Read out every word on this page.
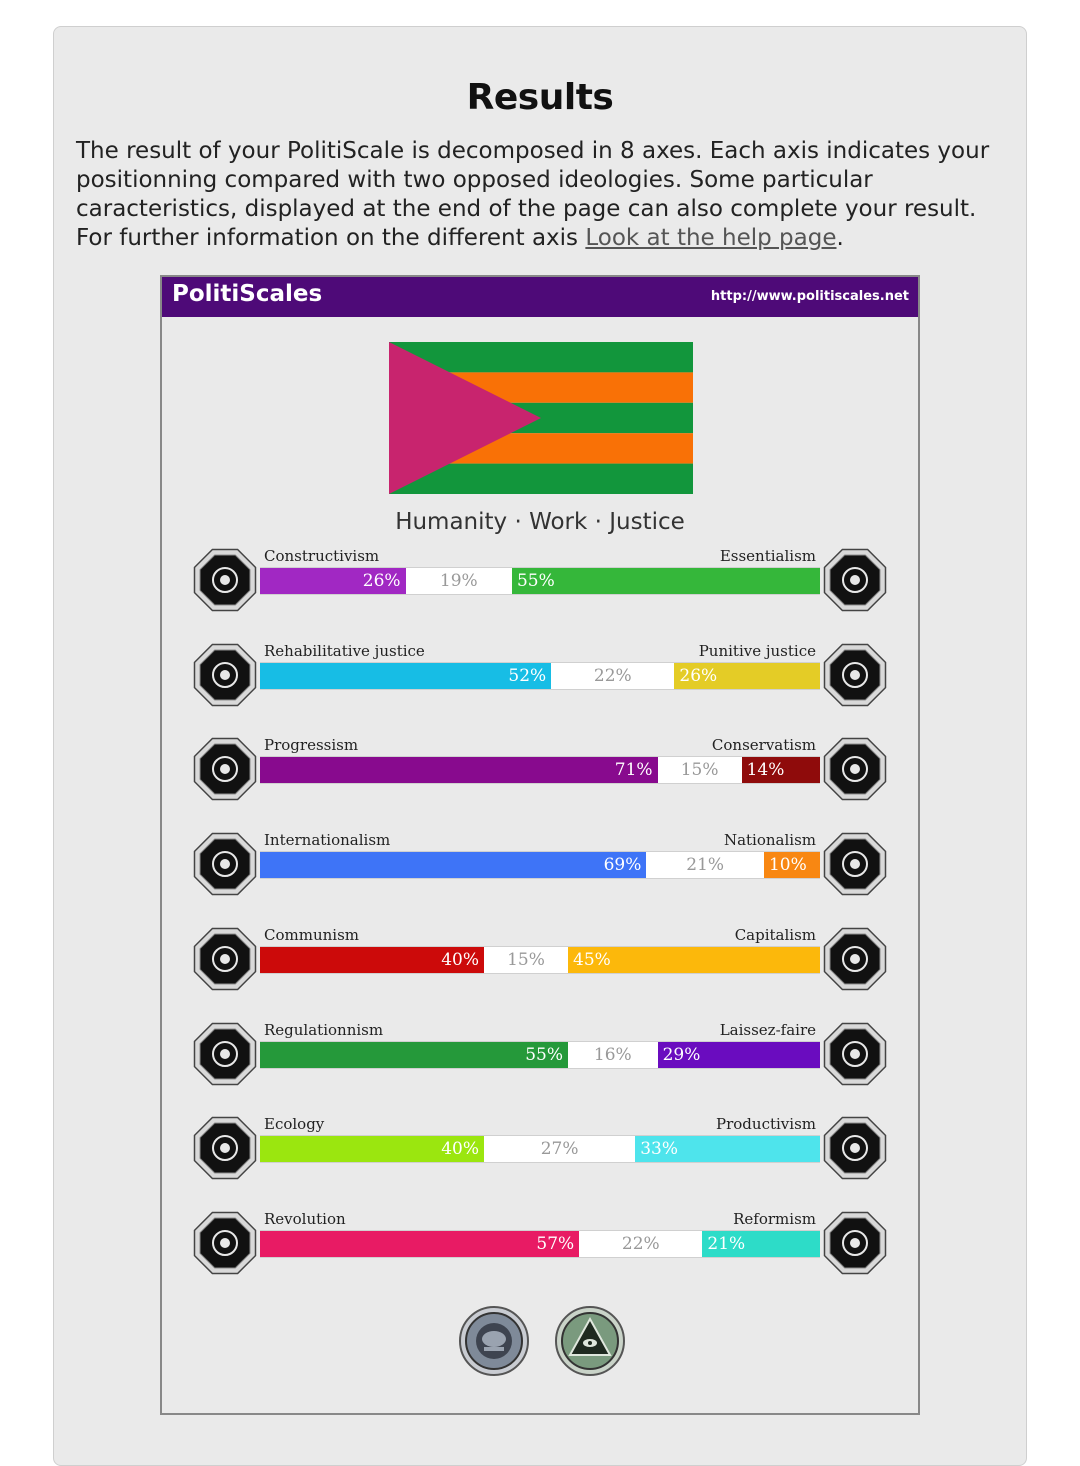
Results

The result of your PolitiScale is decomposed in 8 axes. Each axis indicates your positionning compared with two opposed ideologies. Some particular caracteristics, displayed at the end of the page can also complete your result. For further information on the different axis Look at the help page.

PolitiScales	http://www.politiscales.net
Humanity · Work · Justice
Constructivism	Essentialism
26%	19%	55%
Rehabilitative justice	Punitive justice
52%	22%	26%
Progressism	Conservatism
71%	15%	14%
Internationalism	Nationalism
69%	21%	10%
Communism	Capitalism
40%	15%	45%
Regulationnism	Laissez-faire
55%	16%	29%
Ecology	Productivism
40%	27%	33%
Revolution	Reformism
57%	22%	21%
